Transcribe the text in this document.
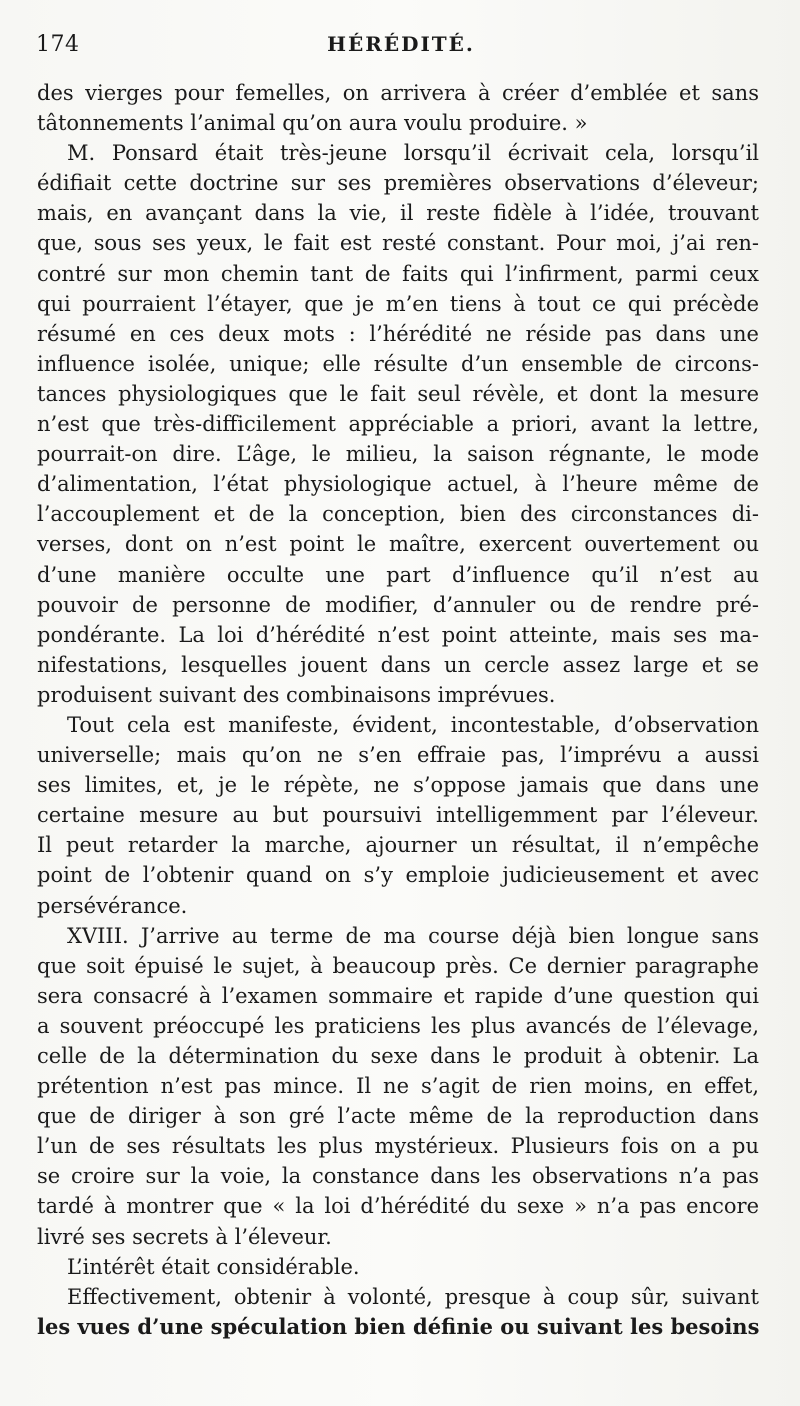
174	HÉRÉDITÉ.
des vierges pour femelles, on arrivera à créer d’emblée et sans
tâtonnements l’animal qu’on aura voulu produire. »
M. Ponsard était très-jeune lorsqu’il écrivait cela, lorsqu’il
édifiait cette doctrine sur ses premières observations d’éleveur;
mais, en avançant dans la vie, il reste fidèle à l’idée, trouvant
que, sous ses yeux, le fait est resté constant. Pour moi, j’ai ren-
contré sur mon chemin tant de faits qui l’infirment, parmi ceux
qui pourraient l’étayer, que je m’en tiens à tout ce qui précède
résumé en ces deux mots : l’hérédité ne réside pas dans une
influence isolée, unique; elle résulte d’un ensemble de circons-
tances physiologiques que le fait seul révèle, et dont la mesure
n’est que très-difficilement appréciable a priori, avant la lettre,
pourrait-on dire. L’âge, le milieu, la saison régnante, le mode
d’alimentation, l’état physiologique actuel, à l’heure même de
l’accouplement et de la conception, bien des circonstances di-
verses, dont on n’est point le maître, exercent ouvertement ou
d’une manière occulte une part d’influence qu’il n’est au
pouvoir de personne de modifier, d’annuler ou de rendre pré-
pondérante. La loi d’hérédité n’est point atteinte, mais ses ma-
nifestations, lesquelles jouent dans un cercle assez large et se
produisent suivant des combinaisons imprévues.
Tout cela est manifeste, évident, incontestable, d’observation
universelle; mais qu’on ne s’en effraie pas, l’imprévu a aussi
ses limites, et, je le répète, ne s’oppose jamais que dans une
certaine mesure au but poursuivi intelligemment par l’éleveur.
Il peut retarder la marche, ajourner un résultat, il n’empêche
point de l’obtenir quand on s’y emploie judicieusement et avec
persévérance.
XVIII. J’arrive au terme de ma course déjà bien longue sans
que soit épuisé le sujet, à beaucoup près. Ce dernier paragraphe
sera consacré à l’examen sommaire et rapide d’une question qui
a souvent préoccupé les praticiens les plus avancés de l’élevage,
celle de la détermination du sexe dans le produit à obtenir. La
prétention n’est pas mince. Il ne s’agit de rien moins, en effet,
que de diriger à son gré l’acte même de la reproduction dans
l’un de ses résultats les plus mystérieux. Plusieurs fois on a pu
se croire sur la voie, la constance dans les observations n’a pas
tardé à montrer que « la loi d’hérédité du sexe » n’a pas encore
livré ses secrets à l’éleveur.
L’intérêt était considérable.
Effectivement, obtenir à volonté, presque à coup sûr, suivant
les vues d’une spéculation bien définie ou suivant les besoins
